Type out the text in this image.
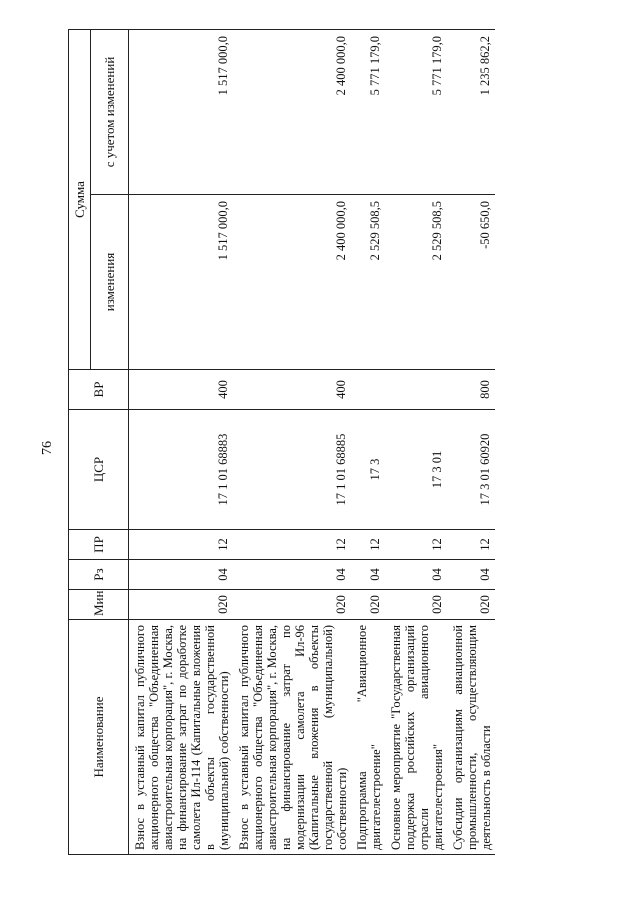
76
Наименование	Мин	Рз	ПР	ЦСР	ВР	Сумма	
						изменения	с учетом изменений
Взнос в уставный капитал публичного акционерного общества "Объединенная авиастроительная корпорация", г. Москва, на финансирование затрат по доработке самолета Ил-114 (Капитальные вложения в объекты государственной (муниципальной) собственности)	020	04	12	17 1 01 68883	400	1 517 000,0	1 517 000,0
Взнос в уставный капитал публичного акционерного общества "Объединенная авиастроительная корпорация", г. Москва, на финансирование затрат по модернизации самолета Ил-96 (Капитальные вложения в объекты государственной (муниципальной) собственности)	020	04	12	17 1 01 68885	400	2 400 000,0	2 400 000,0
Подпрограмма "Авиационное двигателестроение"	020	04	12	17 3		2 529 508,5	5 771 179,0
Основное мероприятие "Государственная поддержка российских организаций отрасли авиационного двигателестроения"	020	04	12	17 3 01		2 529 508,5	5 771 179,0
Субсидии организациям авиационной промышленности, осуществляющим деятельность в области	020	04	12	17 3 01 60920	800	-50 650,0	1 235 862,2
